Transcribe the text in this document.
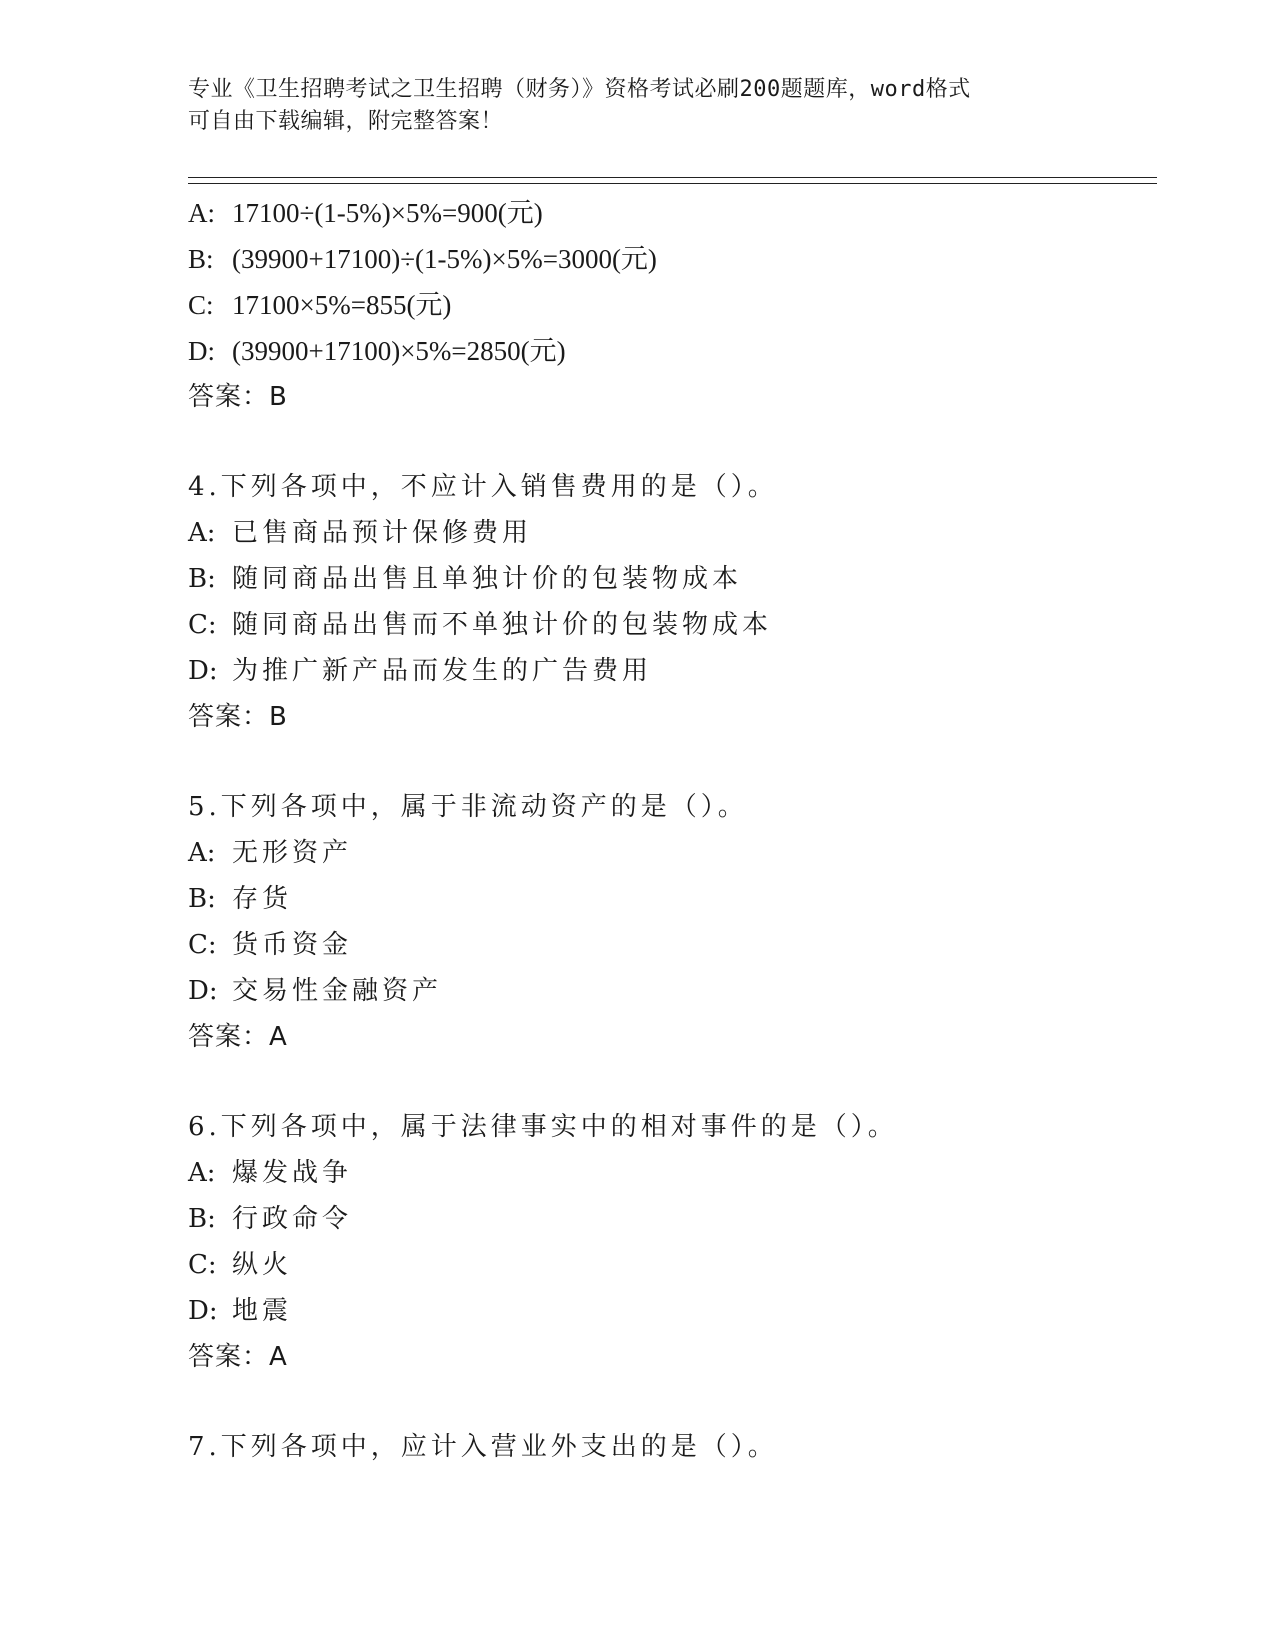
专业《卫生招聘考试之卫生招聘（财务）》资格考试必刷200题题库，word格式
可自由下载编辑，附完整答案！
A: 17100÷(1-5%)×5%=900(元)
B: (39900+17100)÷(1-5%)×5%=3000(元)
C: 17100×5%=855(元)
D: (39900+17100)×5%=2850(元)
答案：B
4.下列各项中，不应计入销售费用的是（）。
A: 已售商品预计保修费用
B: 随同商品出售且单独计价的包装物成本
C: 随同商品出售而不单独计价的包装物成本
D: 为推广新产品而发生的广告费用
答案：B
5.下列各项中，属于非流动资产的是（）。
A: 无形资产
B: 存货
C: 货币资金
D: 交易性金融资产
答案：A
6.下列各项中，属于法律事实中的相对事件的是（）。
A: 爆发战争
B: 行政命令
C: 纵火
D: 地震
答案：A
7.下列各项中，应计入营业外支出的是（）。
